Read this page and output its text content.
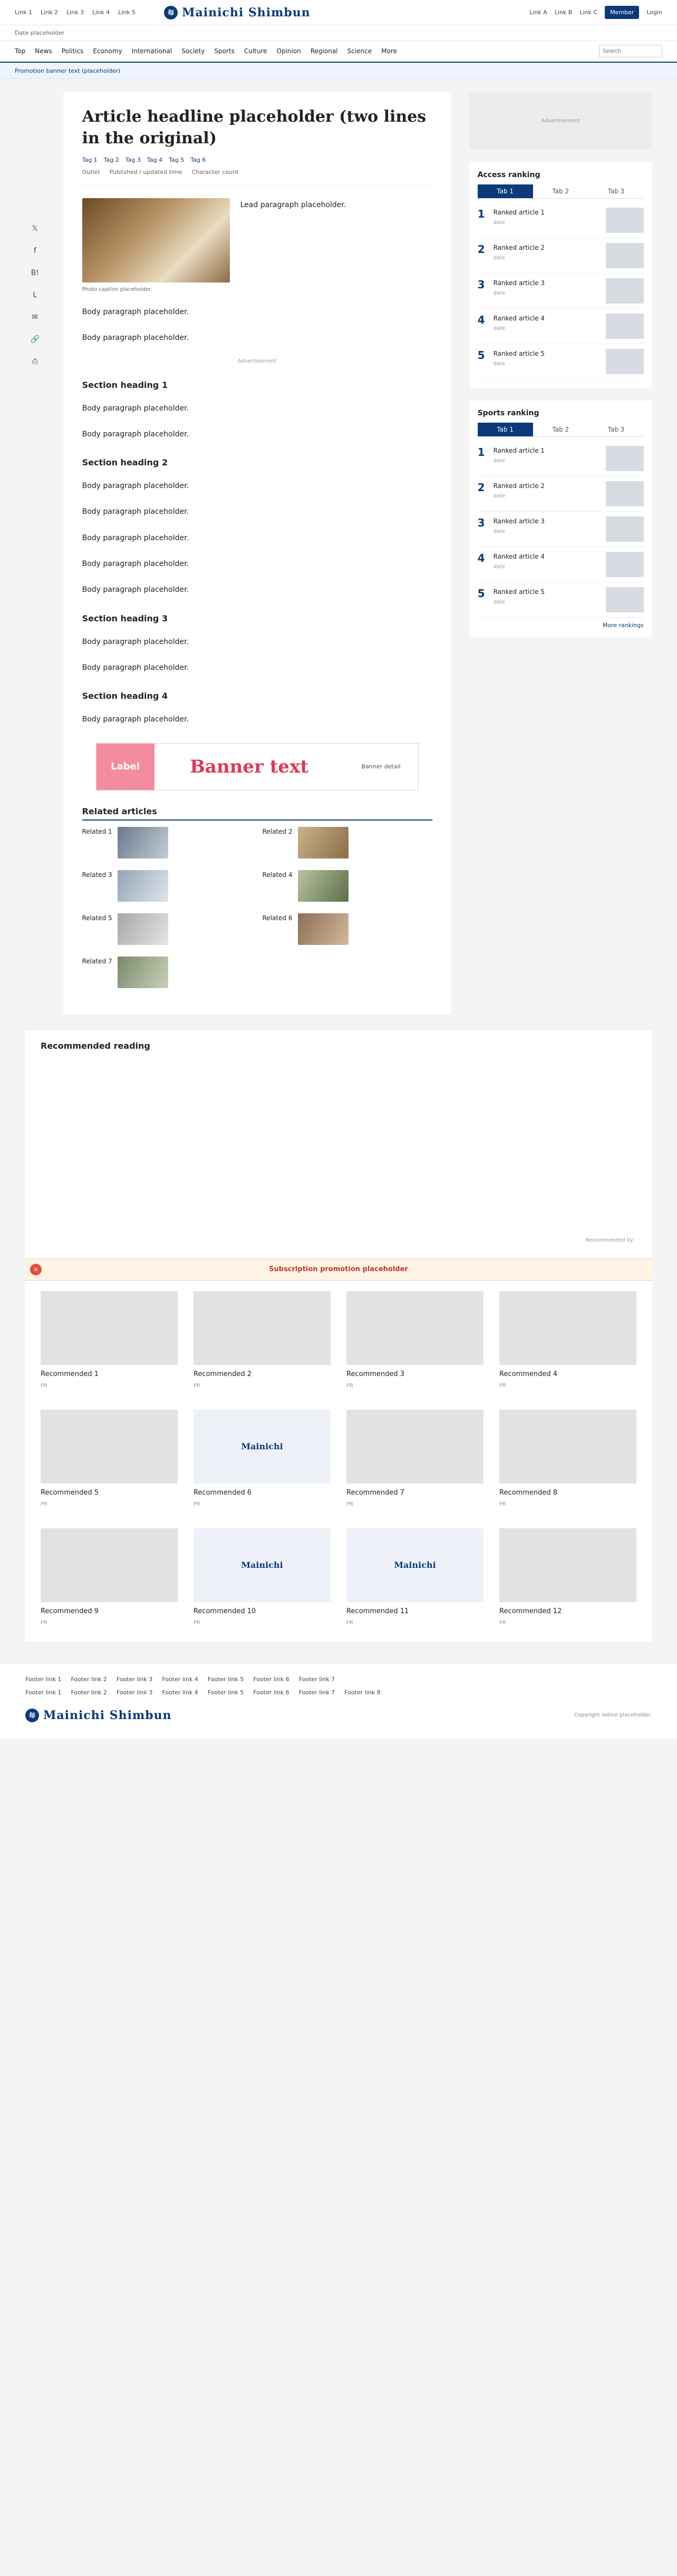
Link 1 Link 2 Link 3 Link 4 Link 5	毎 Mainichi Shimbun	Link A Link B Link C	Member	Login
Date placeholder
Top News Politics Economy International Society Sports Culture Opinion Regional Science More
Search
Promotion banner text (placeholder)
𝕏
f
B!
L
✉
🔗
⎙
Article headline placeholder (two lines in the original)
Tag 1 Tag 2 Tag 3 Tag 4 Tag 5 Tag 6
Outlet Published / updated time Character count
Photo caption placeholder.

Lead paragraph placeholder.

Body paragraph placeholder.

Body paragraph placeholder.

Advertisement
Section heading 1

Body paragraph placeholder.

Body paragraph placeholder.

Section heading 2

Body paragraph placeholder.

Body paragraph placeholder.

Body paragraph placeholder.

Body paragraph placeholder.

Body paragraph placeholder.

Section heading 3

Body paragraph placeholder.

Body paragraph placeholder.

Section heading 4

Body paragraph placeholder.

Label	Banner text	Banner detail
Related articles
Related 1	Related 2
Related 3	Related 4
Related 5	Related 6
Related 7
Advertisement
Access ranking
Tab 1	Tab 2	Tab 3
1	Ranked article 1
date
2	Ranked article 2
date
3	Ranked article 3
date
4	Ranked article 4
date
5	Ranked article 5
date
Sports ranking
Tab 1	Tab 2	Tab 3
1	Ranked article 1
date
2	Ranked article 2
date
3	Ranked article 3
date
4	Ranked article 4
date
5	Ranked article 5
date
More rankings
Recommended reading
Recommended by
✕	Subscription promotion placeholder
Recommended 1
PR
Recommended 2
PR
Recommended 3
PR
Recommended 4
PR
Recommended 5
PR
Mainichi
Recommended 6
PR
Recommended 7
PR
Recommended 8
PR
Recommended 9
PR
Mainichi
Recommended 10
PR
Mainichi
Recommended 11
PR
Recommended 12
PR
Footer link 1 Footer link 2 Footer link 3 Footer link 4 Footer link 5 Footer link 6 Footer link 7
Footer link 1 Footer link 2 Footer link 3 Footer link 4 Footer link 5 Footer link 6 Footer link 7 Footer link 8
毎 Mainichi Shimbun	Copyright notice placeholder.
